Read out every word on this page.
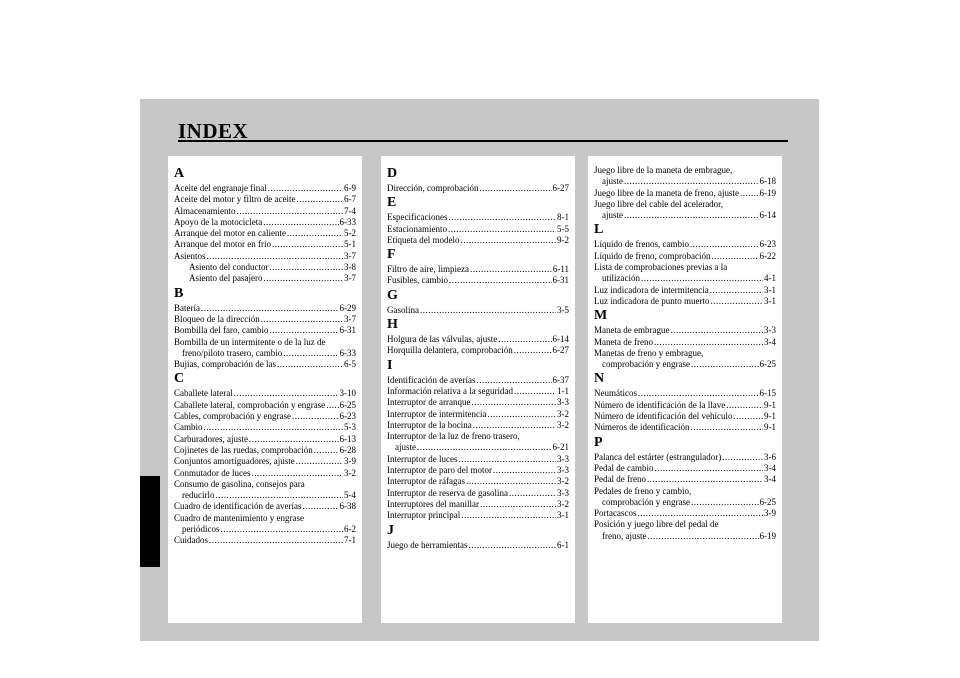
INDEX
A
Aceite del engranaje final .....	6-9
Aceite del motor y filtro de aceite .....	6-7
Almacenamiento .....	7-4
Apoyo de la motocicleta .....	6-33
Arranque del motor en caliente .....	5-2
Arranque del motor en frío .....	5-1
Asientos .....	3-7
Asiento del conductor .....	3-8
Asiento del pasajero .....	3-7
B
Batería .....	6-29
Bloqueo de la dirección .....	3-7
Bombilla del faro, cambio .....	6-31
Bombilla de un intermitente o de la luz de
freno/piloto trasero, cambio .....	6-33
Bujías, comprobación de las .....	6-5
C
Caballete lateral .....	3-10
Caballete lateral, comprobación y engrase ..... 6-25
Cables, comprobación y engrase .....	6-23
Cambio .....	5-3
Carburadores, ajuste .....	6-13
Cojinetes de las ruedas, comprobación .....	6-28
Conjuntos amortiguadores, ajuste .....	3-9
Conmutador de luces .....	3-2
Consumo de gasolina, consejos para
reducirlo .....	5-4
Cuadro de identificación de averías .....	6-38
Cuadro de mantenimiento y engrase
periódicos .....	6-2
Cuidados .....	7-1
D
Dirección, comprobación .....	6-27
E
Especificaciones .....	8-1
Estacionamiento .....	5-5
Etiqueta del modelo .....	9-2
F
Filtro de aire, limpieza .....	6-11
Fusibles, cambio .....	6-31
G
Gasolina .....	3-5
H
Holgura de las válvulas, ajuste .....	6-14
Horquilla delantera, comprobación .....	6-27
I
Identificación de averías .....	6-37
Información relativa a la seguridad .....	1-1
Interruptor de arranque .....	3-3
Interruptor de intermitencia .....	3-2
Interruptor de la bocina .....	3-2
Interruptor de la luz de freno trasero,
ajuste .....	6-21
Interruptor de luces .....	3-3
Interruptor de paro del motor .....	3-3
Interruptor de ráfagas .....	3-2
Interruptor de reserva de gasolina .....	3-3
Interruptores del manillar .....	3-2
Interruptor principal .....	3-1
J
Juego de herramientas .....	6-1
Juego libre de la maneta de embrague,
ajuste .....	6-18
Juego libre de la maneta de freno, ajuste ..... 6-19
Juego libre del cable del acelerador,
ajuste .....	6-14
L
Líquido de frenos, cambio .....	6-23
Líquido de freno, comprobación .....	6-22
Lista de comprobaciones previas a la
utilización .....	4-1
Luz indicadora de intermitencia .....	3-1
Luz indicadora de punto muerto .....	3-1
M
Maneta de embrague .....	3-3
Maneta de freno .....	3-4
Manetas de freno y embrague,
comprobación y engrase .....	6-25
N
Neumáticos .....	6-15
Número de identificación de la llave .....	9-1
Número de identificación del vehículo .....	9-1
Números de identificación .....	9-1
P
Palanca del estárter (estrangulador) .....	3-6
Pedal de cambio .....	3-4
Pedal de freno .....	3-4
Pedales de freno y cambio,
comprobación y engrase .....	6-25
Portacascos .....	3-9
Posición y juego libre del pedal de
freno, ajuste .....	6-19
